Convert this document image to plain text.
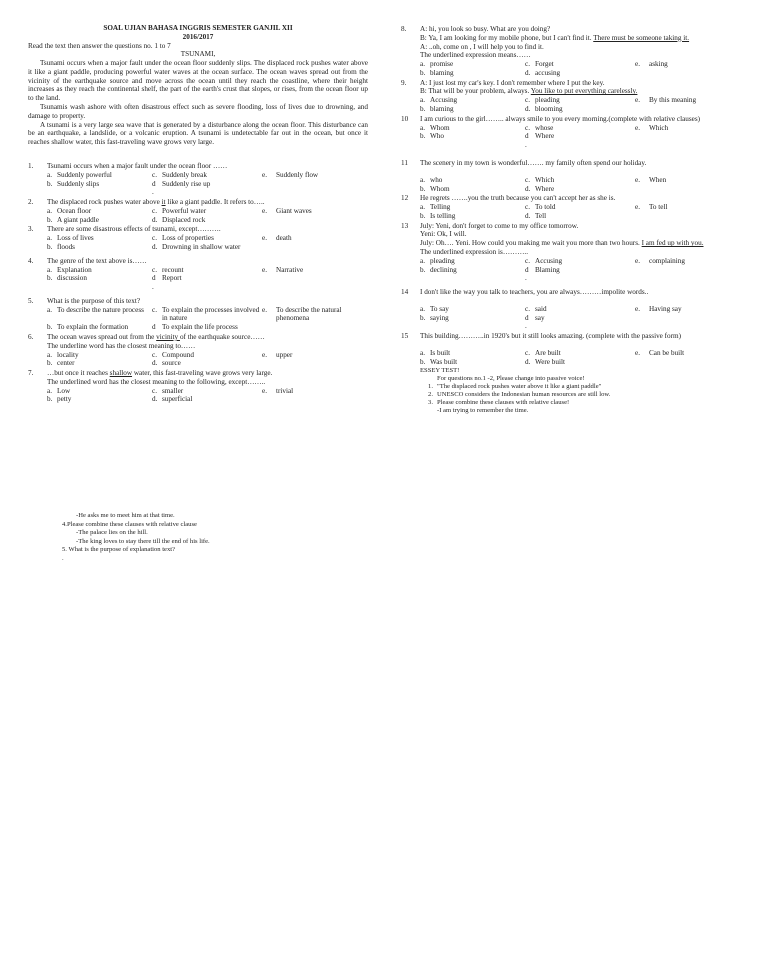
SOAL UJIAN BAHASA INGGRIS SEMESTER GANJIL XII
2016/2017
Read the text then answer the questions no. 1 to 7
TSUNAMI,

Tsunami occurs when a major fault under the ocean floor suddenly slips. The displaced rock pushes water above it like a giant paddle, producing powerful water waves at the ocean surface. The ocean waves spread out from the vicinity of the earthquake source and move across the ocean until they reach the coastline, where their height increases as they reach the continental shelf, the part of the earth's crust that slopes, or rises, from the ocean floor up to the land.

Tsunamis wash ashore with often disastrous effect such as severe flooding, loss of lives due to drowning, and damage to property.

A tsunami is a very large sea wave that is generated by a disturbance along the ocean floor. This disturbance can be an earthquake, a landslide, or a volcanic eruption. A tsunami is undetectable far out in the ocean, but once it reaches shallow water, this fast-traveling wave grows very large.

1.	Tsunami occurs when a major fault under the ocean floor ……
a. Suddenly powerful	c. Suddenly break	e.	Suddenly flow
b. Suddenly slips	d Suddenly rise up
.
2.	The displaced rock pushes water above it like a giant paddle. It refers to…..
a. Ocean floor	c. Powerful water	e.	Giant waves
b. A giant paddle	d. Displaced rock
3.	There are some disastrous effects of tsunami, except……….
a. Loss of lives	c. Loss of properties	e.	death
b. floods	d. Drowning in shallow water
4.	The genre of the text above is……
a. Explanation	c. recount	e.	Narrative
b. discussion	d Report
.
5.	What is the purpose of this text?
a. To describe the nature process	c. To explain the processes involved in nature
e.	To describe the natural phenomena
b. To explain the formation	d To explain the life process
6.	The ocean waves spread out from the vicinity of the earthquake source……
The underline word has the closest meaning to……
a. locality	c. Compound	e.	upper
b. center	d. source
7.	…but once it reaches shallow water, this fast-traveling wave grows very large.
The underlined word has the closest meaning to the following, except……..
a. Low	c. smaller	e.	trivial
b. petty	d. superficial
8.	A: hi, you look so busy. What are you doing?
B: Ya, I am looking for my mobile phone, but I can't find it. There must be someone taking it.
A: ..oh, come on , I will help you to find it.
The underlined expression means……
a. promise	c. Forget	e.	asking
b. blaming	d. accusing
9.	A: I just lost my car's key. I don't remember where I put the key.
B: That will be your problem, always. You like to put everything carelessly.
a. Accusing	c. pleading	e.	By this meaning
b. blaming	d. blooming
10	I am curious to the girl…….. always smile to you every morning.(complete with relative clauses)
a. Whom	c. whose	e.	Which
b. Who	d Where
.
11	The scenery in my town is wonderful……. my family often spend our holiday.
a. who	c. Which	e.	When
b. Whom	d. Where
12	He regrets …….you the truth because you can't accept her as she is.
a. Telling	c. To told	e.	To tell
b. Is telling	d. Tell
13	July: Yeni, don't forget to come to my office tomorrow.
Yeni: Ok, I will.
July: Oh…. Yeni. How could you making me wait you more than two hours. I am fed up with you.
The underlined expression is………..
a. pleading	c. Accusing	e.	complaining
b. declining	d Blaming
.
14	I don't like the way you talk to teachers, you are always………impolite words..
a. To say	c. said	e.	Having say
b. saying	d say
.
15	This building………..in 1920's but it still looks amazing. (complete with the passive form)
a. Is built	c. Are built	e.	Can be built
b. Was built	d. Were built
ESSEY TEST!
For questions no.1 -2, Please change into passive voice!
1. "The displaced rock pushes water above it like a giant paddle"
2. UNESCO considers the Indonesian human resources are still low.
3. Please combine these clauses with relative clause!
-I am trying to remember the time.
-He asks me to meet him at that time.
4.Please combine these clauses with relative clause
-The palace lies on the hill.
-The king loves to stay there till the end of his life.
5. What is the purpose of explanation text?
.
